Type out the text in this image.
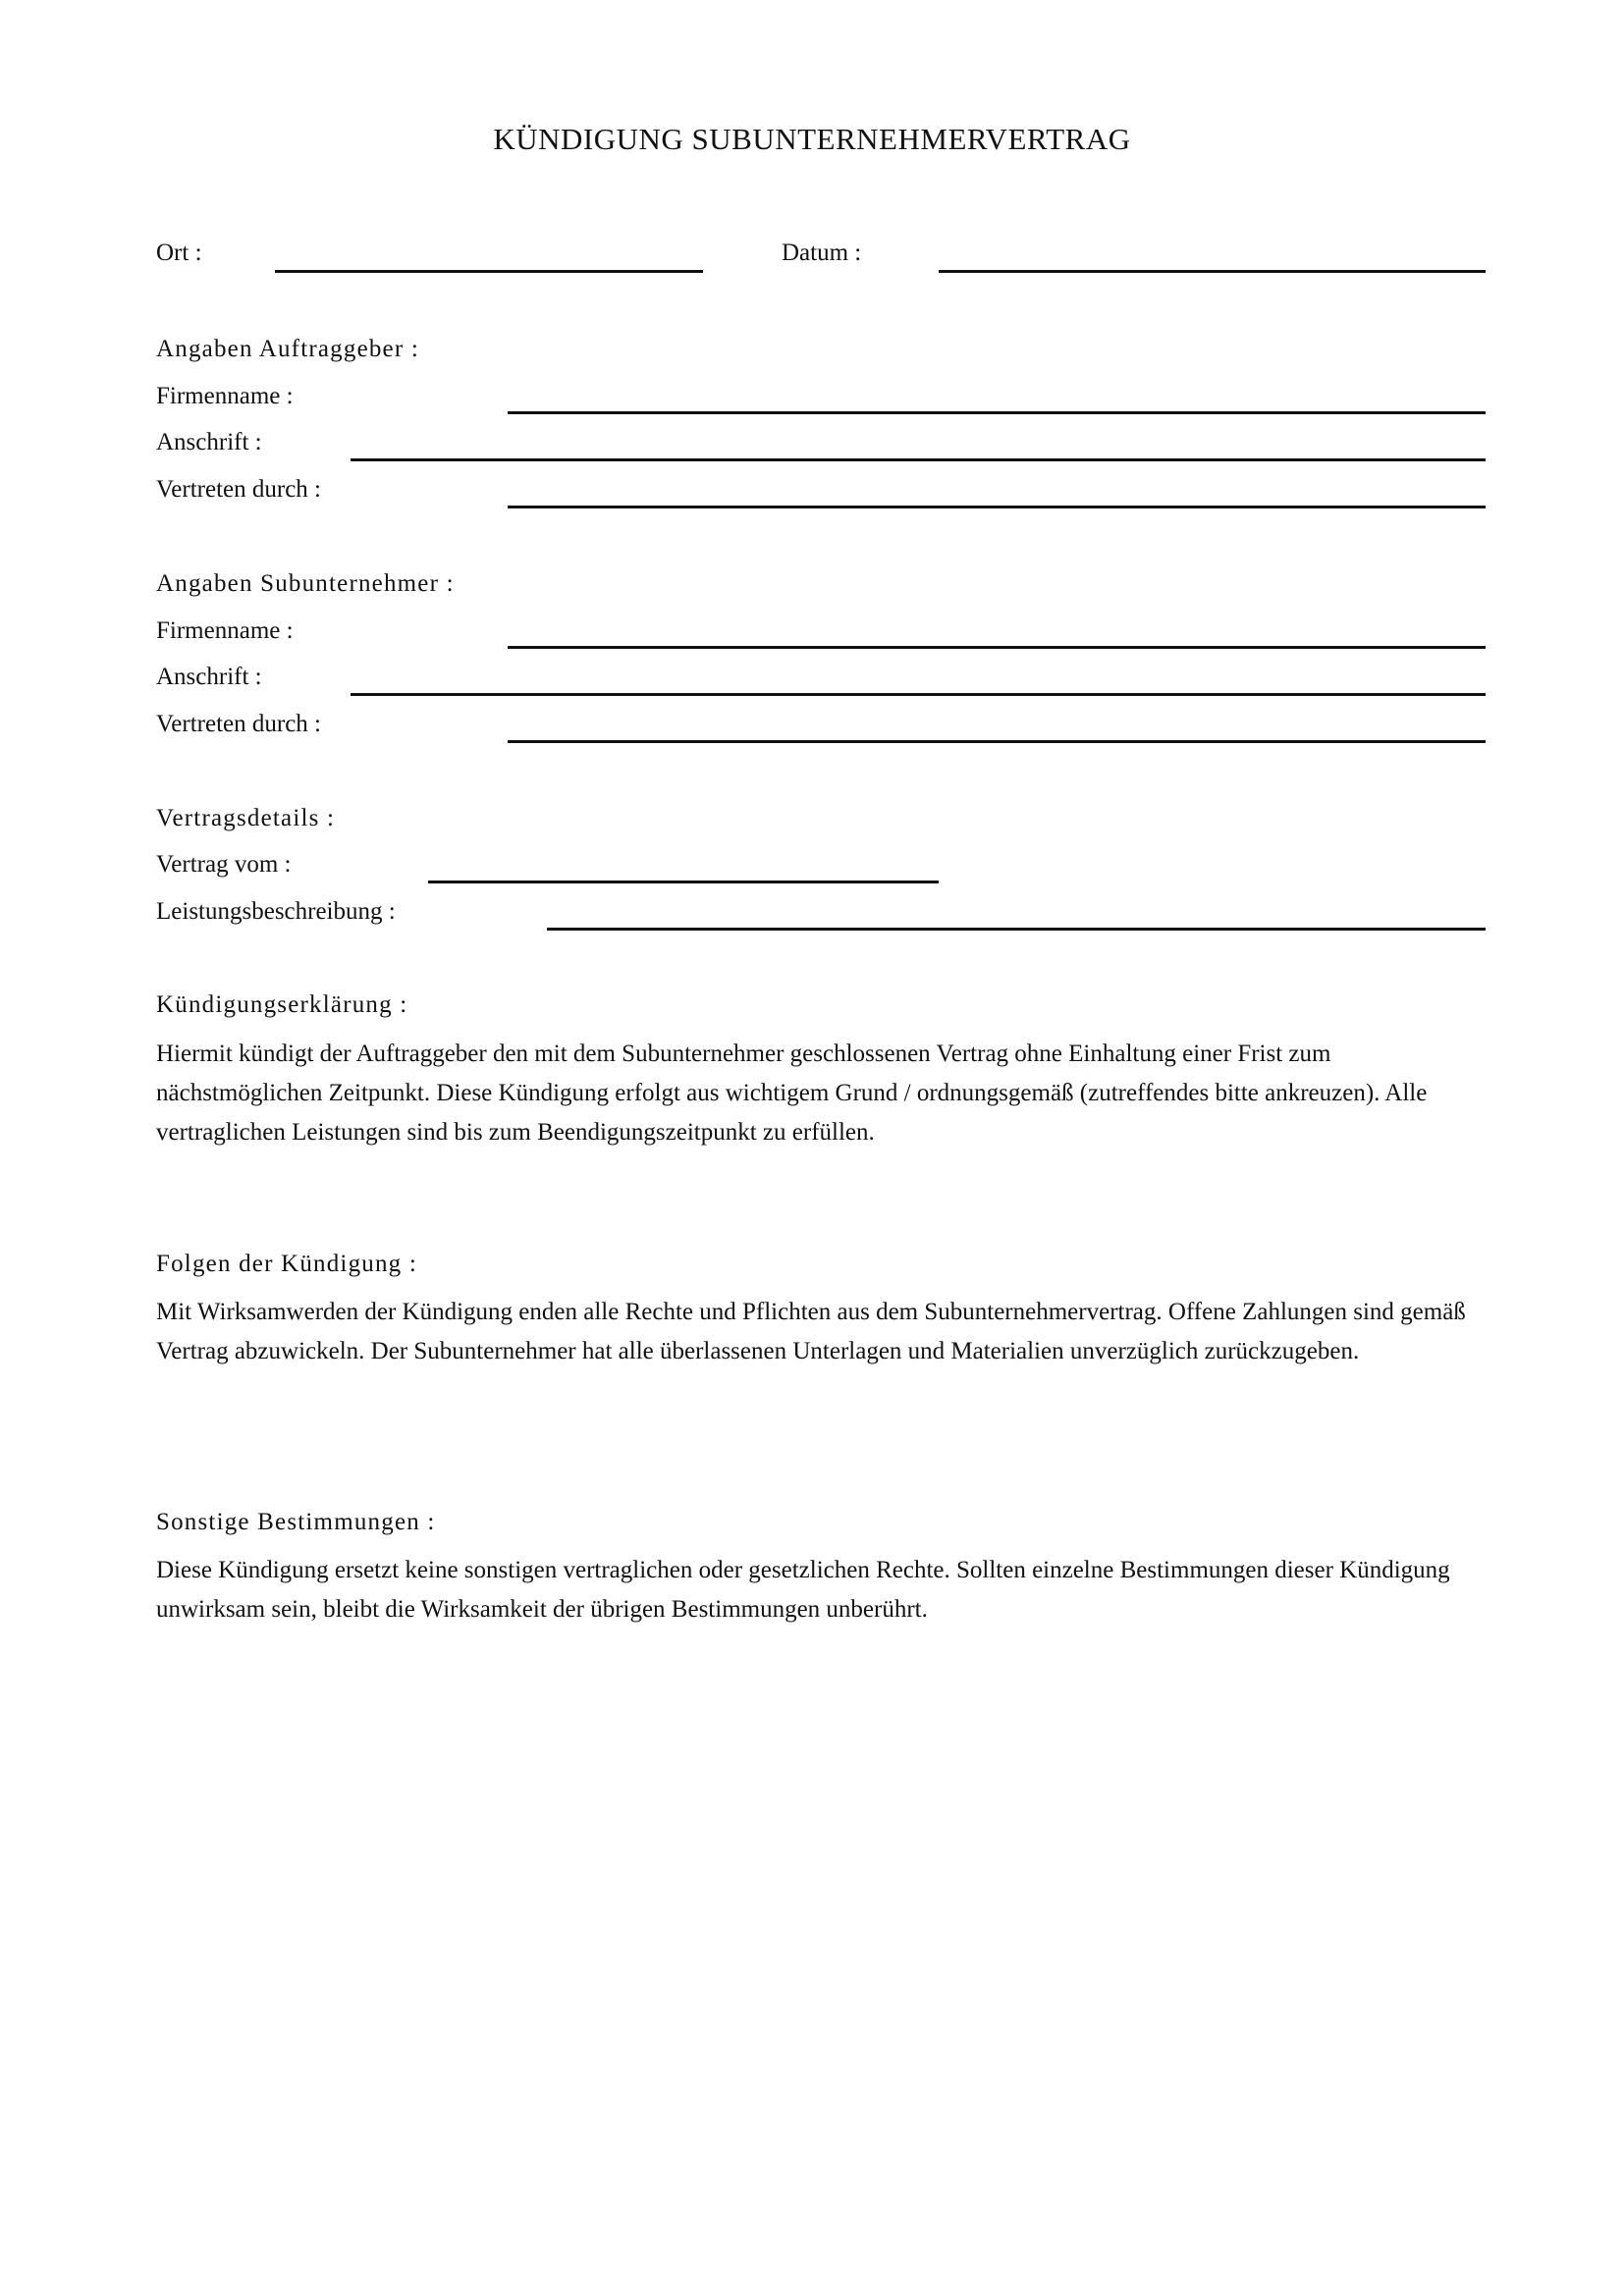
KÜNDIGUNG SUBUNTERNEHMERVERTRAG
Ort :	Datum :
Angaben Auftraggeber :
Firmenname :
Anschrift :
Vertreten durch :
Angaben Subunternehmer :
Firmenname :
Anschrift :
Vertreten durch :
Vertragsdetails :
Vertrag vom :
Leistungsbeschreibung :
Kündigungserklärung :
Hiermit kündigt der Auftraggeber den mit dem Subunternehmer geschlossenen Vertrag ohne Einhaltung einer Frist zum nächstmöglichen Zeitpunkt. Diese Kündigung erfolgt aus wichtigem Grund / ordnungsgemäß (zutreffendes bitte ankreuzen). Alle vertraglichen Leistungen sind bis zum Beendigungszeitpunkt zu erfüllen.
Folgen der Kündigung :
Mit Wirksamwerden der Kündigung enden alle Rechte und Pflichten aus dem Subunternehmervertrag. Offene Zahlungen sind gemäß Vertrag abzuwickeln. Der Subunternehmer hat alle überlassenen Unterlagen und Materialien unverzüglich zurückzugeben.
Sonstige Bestimmungen :
Diese Kündigung ersetzt keine sonstigen vertraglichen oder gesetzlichen Rechte. Sollten einzelne Bestimmungen dieser Kündigung unwirksam sein, bleibt die Wirksamkeit der übrigen Bestimmungen unberührt.
